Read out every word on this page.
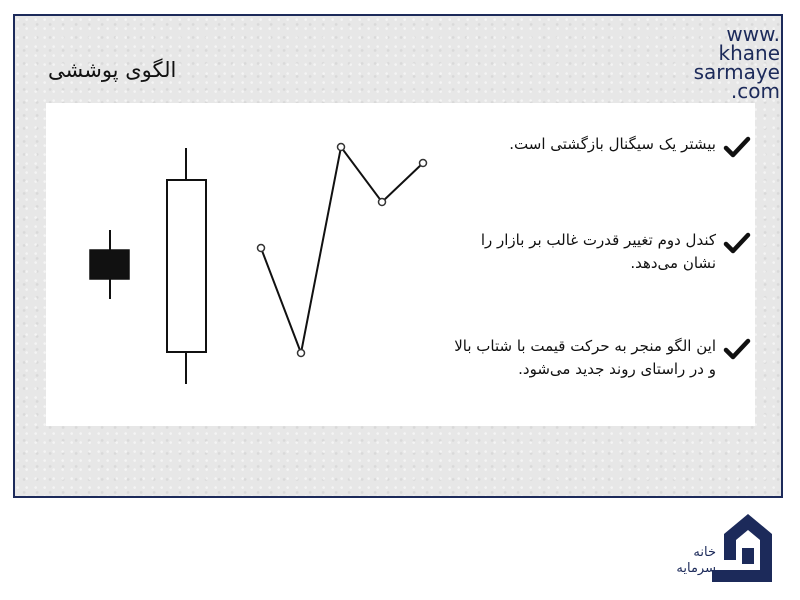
الگوی پوششی
www.
khane
sarmaye
.com
بیشتر یک سیگنال بازگشتی است.
کندل دوم تغییر قدرت غالب بر بازار را نشان می‌دهد.
این الگو منجر به حرکت قیمت با شتاب بالا و در راستای روند جدید می‌شود.
خانه
سرمایه
